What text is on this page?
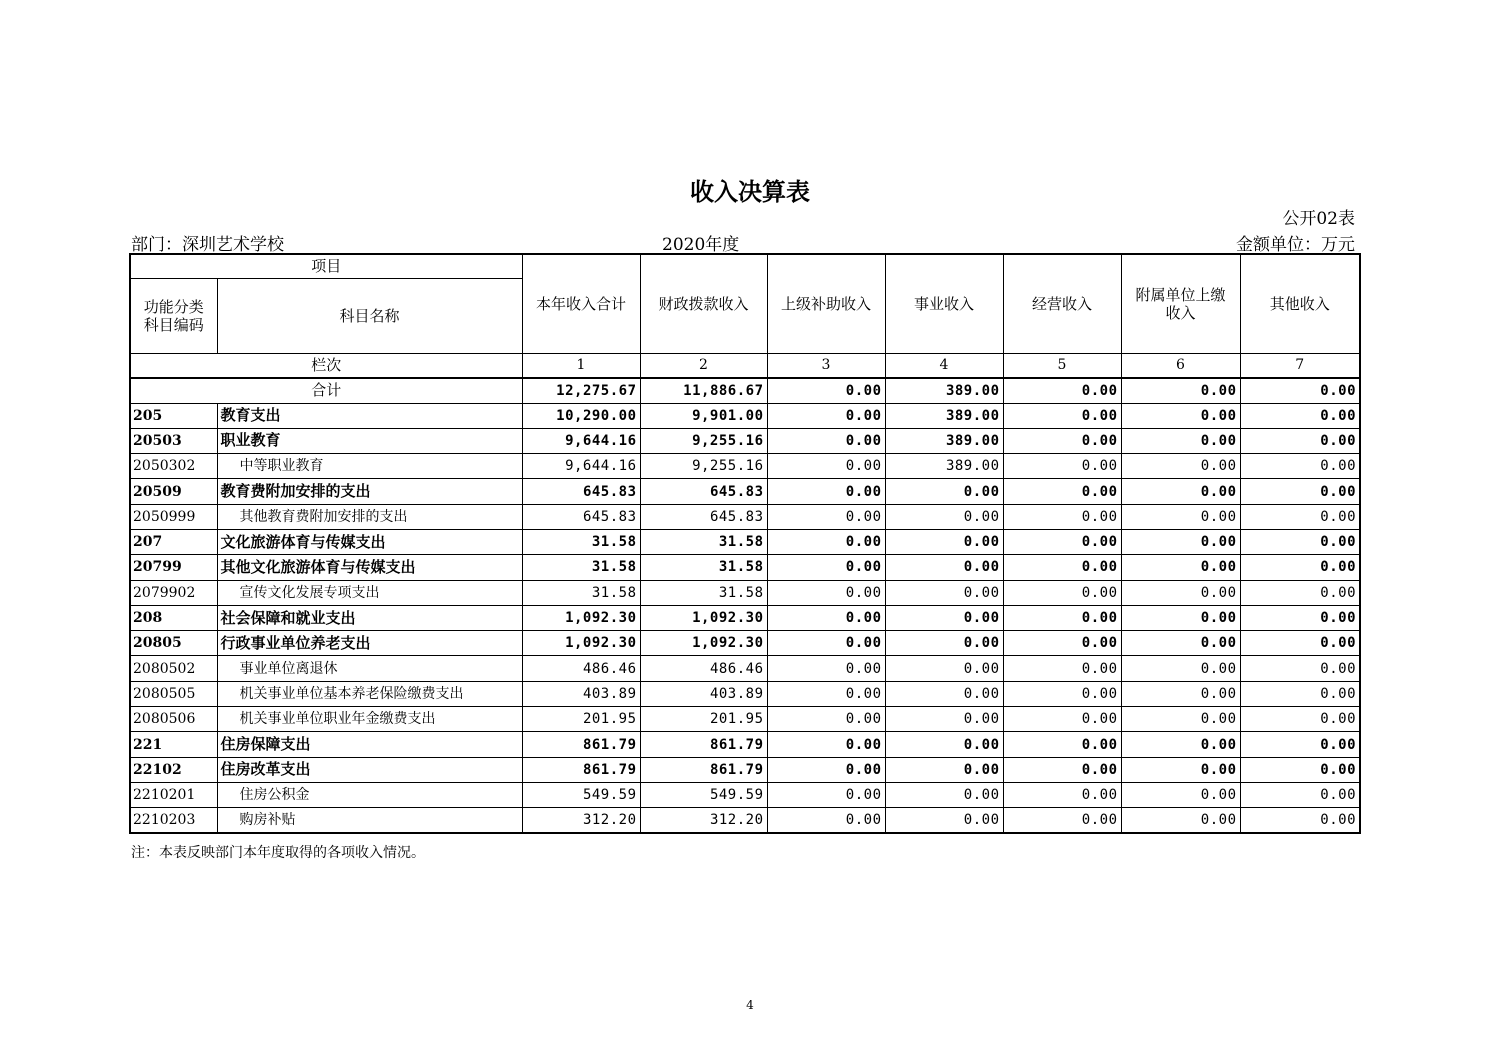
收入决算表
公开02表
部门：深圳艺术学校	2020年度	金额单位：万元
项目		本年收入合计	财政拨款收入	上级补助收入	事业收入	经营收入	附属单位上缴收入	其他收入
功能分类科目编码	科目名称							
栏次		1	2	3	4	5	6	7
合计		12,275.67	11,886.67	0.00	389.00	0.00	0.00	0.00
205	教育支出	10,290.00	9,901.00	0.00	389.00	0.00	0.00	0.00
20503	职业教育	9,644.16	9,255.16	0.00	389.00	0.00	0.00	0.00
2050302	中等职业教育	9,644.16	9,255.16	0.00	389.00	0.00	0.00	0.00
20509	教育费附加安排的支出	645.83	645.83	0.00	0.00	0.00	0.00	0.00
2050999	其他教育费附加安排的支出	645.83	645.83	0.00	0.00	0.00	0.00	0.00
207	文化旅游体育与传媒支出	31.58	31.58	0.00	0.00	0.00	0.00	0.00
20799	其他文化旅游体育与传媒支出	31.58	31.58	0.00	0.00	0.00	0.00	0.00
2079902	宣传文化发展专项支出	31.58	31.58	0.00	0.00	0.00	0.00	0.00
208	社会保障和就业支出	1,092.30	1,092.30	0.00	0.00	0.00	0.00	0.00
20805	行政事业单位养老支出	1,092.30	1,092.30	0.00	0.00	0.00	0.00	0.00
2080502	事业单位离退休	486.46	486.46	0.00	0.00	0.00	0.00	0.00
2080505	机关事业单位基本养老保险缴费支出	403.89	403.89	0.00	0.00	0.00	0.00	0.00
2080506	机关事业单位职业年金缴费支出	201.95	201.95	0.00	0.00	0.00	0.00	0.00
221	住房保障支出	861.79	861.79	0.00	0.00	0.00	0.00	0.00
22102	住房改革支出	861.79	861.79	0.00	0.00	0.00	0.00	0.00
2210201	住房公积金	549.59	549.59	0.00	0.00	0.00	0.00	0.00
2210203	购房补贴	312.20	312.20	0.00	0.00	0.00	0.00	0.00
注：本表反映部门本年度取得的各项收入情况。
4
